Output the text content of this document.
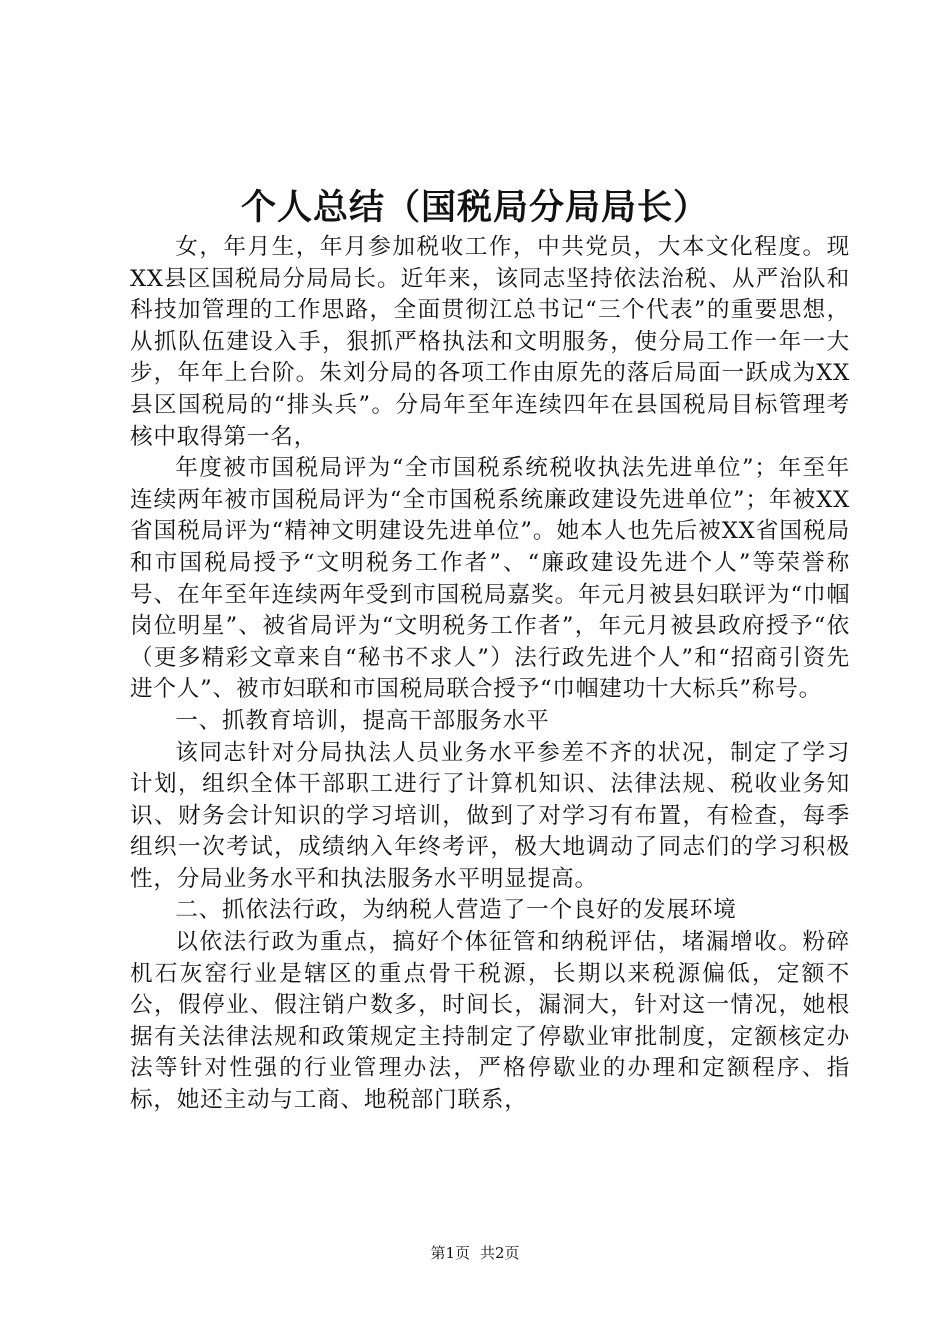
个人总结（国税局分局局长）

女，年月生，年月参加税收工作，中共党员，大本文化程度。现XX县区国税局分局局长。近年来，该同志坚持依法治税、从严治队和科技加管理的工作思路，全面贯彻江总书记“三个代表”的重要思想，从抓队伍建设入手，狠抓严格执法和文明服务，使分局工作一年一大步，年年上台阶。朱刘分局的各项工作由原先的落后局面一跃成为XX县区国税局的“排头兵”。分局年至年连续四年在县国税局目标管理考核中取得第一名，

年度被市国税局评为“全市国税系统税收执法先进单位”；年至年连续两年被市国税局评为“全市国税系统廉政建设先进单位”；年被XX省国税局评为“精神文明建设先进单位”。她本人也先后被XX省国税局和市国税局授予“文明税务工作者”、“廉政建设先进个人”等荣誉称号、在年至年连续两年受到市国税局嘉奖。年元月被县妇联评为“巾帼岗位明星”、被省局评为“文明税务工作者”，年元月被县政府授予“依（更多精彩文章来自“秘书不求人”）法行政先进个人”和“招商引资先进个人”、被市妇联和市国税局联合授予“巾帼建功十大标兵”称号。

一、抓教育培训，提高干部服务水平

该同志针对分局执法人员业务水平参差不齐的状况，制定了学习计划，组织全体干部职工进行了计算机知识、法律法规、税收业务知识、财务会计知识的学习培训，做到了对学习有布置，有检查，每季组织一次考试，成绩纳入年终考评，极大地调动了同志们的学习积极性，分局业务水平和执法服务水平明显提高。

二、抓依法行政，为纳税人营造了一个良好的发展环境

以依法行政为重点，搞好个体征管和纳税评估，堵漏增收。粉碎机石灰窑行业是辖区的重点骨干税源，长期以来税源偏低，定额不公，假停业、假注销户数多，时间长，漏洞大，针对这一情况，她根据有关法律法规和政策规定主持制定了停歇业审批制度，定额核定办法等针对性强的行业管理办法，严格停歇业的办理和定额程序、指标，她还主动与工商、地税部门联系，

第1页 共2页
